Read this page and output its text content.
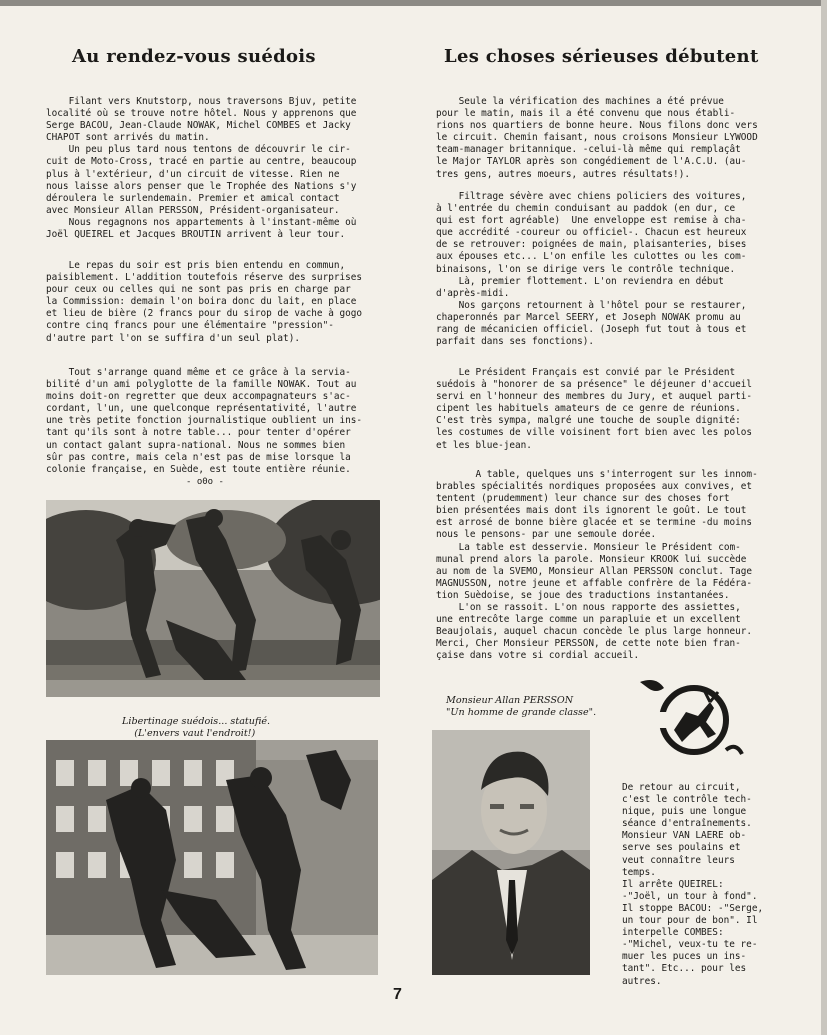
Au rendez-vous suédois

Filant vers Knutstorp, nous traversons Bjuv, petite
localité où se trouve notre hôtel. Nous y apprenons que
Serge BACOU, Jean-Claude NOWAK, Michel COMBES et Jacky
CHAPOT sont arrivés du matin.
Un peu plus tard nous tentons de découvrir le cir-
cuit de Moto-Cross, tracé en partie au centre, beaucoup
plus à l'extérieur, d'un circuit de vitesse. Rien ne
nous laisse alors penser que le Trophée des Nations s'y
déroulera le surlendemain. Premier et amical contact
avec Monsieur Allan PERSSON, Président-organisateur.
Nous regagnons nos appartements à l'instant-même où
Joël QUEIREL et Jacques BROUTIN arrivent à leur tour.

Le repas du soir est pris bien entendu en commun,
paisiblement. L'addition toutefois réserve des surprises
pour ceux ou celles qui ne sont pas pris en charge par
la Commission: demain l'on boira donc du lait, en place
et lieu de bière (2 francs pour du sirop de vache à gogo
contre cinq francs pour une élémentaire "pression"-
d'autre part l'on se suffira d'un seul plat).

Tout s'arrange quand même et ce grâce à la servia-
bilité d'un ami polyglotte de la famille NOWAK. Tout au
moins doit-on regretter que deux accompagnateurs s'ac-
cordant, l'un, une quelconque représentativité, l'autre
une très petite fonction journalistique oublient un ins-
tant qu'ils sont à notre table... pour tenter d'opérer
un contact galant supra-national. Nous ne sommes bien
sûr pas contre, mais cela n'est pas de mise lorsque la
colonie française, en Suède, est toute entière réunie.

- o0o -

Libertinage suédois... statufié.
(L'envers vaut l'endroit!)

Les choses sérieuses débutent

Seule la vérification des machines a été prévue
pour le matin, mais il a été convenu que nous établi-
rions nos quartiers de bonne heure. Nous filons donc vers
le circuit. Chemin faisant, nous croisons Monsieur LYWOOD
team-manager britannique. -celui-là même qui remplaçât
le Major TAYLOR après son congédiement de l'A.C.U. (au-
tres gens, autres moeurs, autres résultats!).

Filtrage sévère avec chiens policiers des voitures,
à l'entrée du chemin conduisant au paddok (en dur, ce
qui est fort agréable)  Une enveloppe est remise à cha-
que accrédité -coureur ou officiel-. Chacun est heureux
de se retrouver: poignées de main, plaisanteries, bises
aux épouses etc... L'on enfile les culottes ou les com-
binaisons, l'on se dirige vers le contrôle technique.
Là, premier flottement. L'on reviendra en début
d'après-midi.
Nos garçons retournent à l'hôtel pour se restaurer,
chaperonnés par Marcel SEERY, et Joseph NOWAK promu au
rang de mécanicien officiel. (Joseph fut tout à tous et
parfait dans ses fonctions).

Le Président Français est convié par le Président
suédois à "honorer de sa présence" le déjeuner d'accueil
servi en l'honneur des membres du Jury, et auquel parti-
cipent les habituels amateurs de ce genre de réunions.
C'est très sympa, malgré une touche de souple dignité:
les costumes de ville voisinent fort bien avec les polos
et les blue-jean.

A table, quelques uns s'interrogent sur les innom-
brables spécialités nordiques proposées aux convives, et
tentent (prudemment) leur chance sur des choses fort
bien présentées mais dont ils ignorent le goût. Le tout
est arrosé de bonne bière glacée et se termine -du moins
nous le pensons- par une semoule dorée.
La table est desservie. Monsieur le Président com-
munal prend alors la parole. Monsieur KROOK lui succède
au nom de la SVEMO, Monsieur Allan PERSSON conclut. Tage
MAGNUSSON, notre jeune et affable confrère de la Fédéra-
tion Suèdoise, se joue des traductions instantanées.
L'on se rassoit. L'on nous rapporte des assiettes,
une entrecôte large comme un parapluie et un excellent
Beaujolais, auquel chacun concède le plus large honneur.
Merci, Cher Monsieur PERSSON, de cette note bien fran-
çaise dans votre si cordial accueil.

Monsieur Allan PERSSON
"Un homme de grande classe".

De retour au circuit,
c'est le contrôle tech-
nique, puis une longue
séance d'entraînements.
Monsieur VAN LAERE ob-
serve ses poulains et
veut connaître leurs
temps.
Il arrête QUEIREL:
-"Joël, un tour à fond".
Il stoppe BACOU: -"Serge,
un tour pour de bon". Il
interpelle COMBES:
-"Michel, veux-tu te re-
muer les puces un ins-
tant". Etc... pour les
autres.

7
